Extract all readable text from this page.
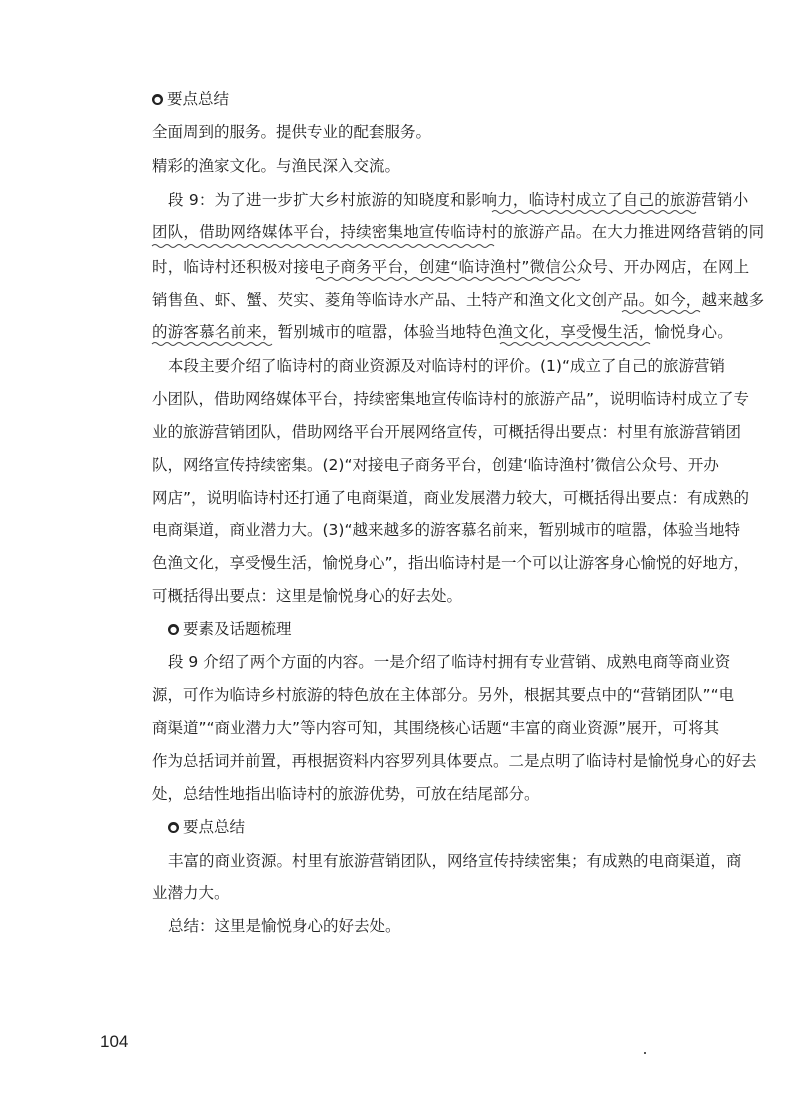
● 要点总结
全面周到的服务。提供专业的配套服务。
精彩的渔家文化。与渔民深入交流。
段 9：为了进一步扩大乡村旅游的知晓度和影响力，临诗村成立了自己的旅游营销小
团队，借助网络媒体平台，持续密集地宣传临诗村的旅游产品。在大力推进网络营销的同
时，临诗村还积极对接电子商务平台，创建“临诗渔村”微信公众号、开办网店，在网上
销售鱼、虾、蟹、芡实、菱角等临诗水产品、土特产和渔文化文创产品。如今，越来越多
的游客慕名前来，暂别城市的喧嚣，体验当地特色渔文化，享受慢生活，愉悦身心。
本段主要介绍了临诗村的商业资源及对临诗村的评价。(1)“成立了自己的旅游营销
小团队，借助网络媒体平台，持续密集地宣传临诗村的旅游产品”，说明临诗村成立了专
业的旅游营销团队，借助网络平台开展网络宣传，可概括得出要点：村里有旅游营销团
队，网络宣传持续密集。(2)“对接电子商务平台，创建‘临诗渔村’微信公众号、开办
网店”，说明临诗村还打通了电商渠道，商业发展潜力较大，可概括得出要点：有成熟的
电商渠道，商业潜力大。(3)“越来越多的游客慕名前来，暂别城市的喧嚣，体验当地特
色渔文化，享受慢生活，愉悦身心”，指出临诗村是一个可以让游客身心愉悦的好地方，
可概括得出要点：这里是愉悦身心的好去处。
● 要素及话题梳理
段 9 介绍了两个方面的内容。一是介绍了临诗村拥有专业营销、成熟电商等商业资
源，可作为临诗乡村旅游的特色放在主体部分。另外，根据其要点中的“营销团队”“电
商渠道”“商业潜力大”等内容可知，其围绕核心话题“丰富的商业资源”展开，可将其
作为总括词并前置，再根据资料内容罗列具体要点。二是点明了临诗村是愉悦身心的好去
处，总结性地指出临诗村的旅游优势，可放在结尾部分。
● 要点总结
丰富的商业资源。村里有旅游营销团队，网络宣传持续密集；有成熟的电商渠道，商
业潜力大。
总结：这里是愉悦身心的好去处。
104
